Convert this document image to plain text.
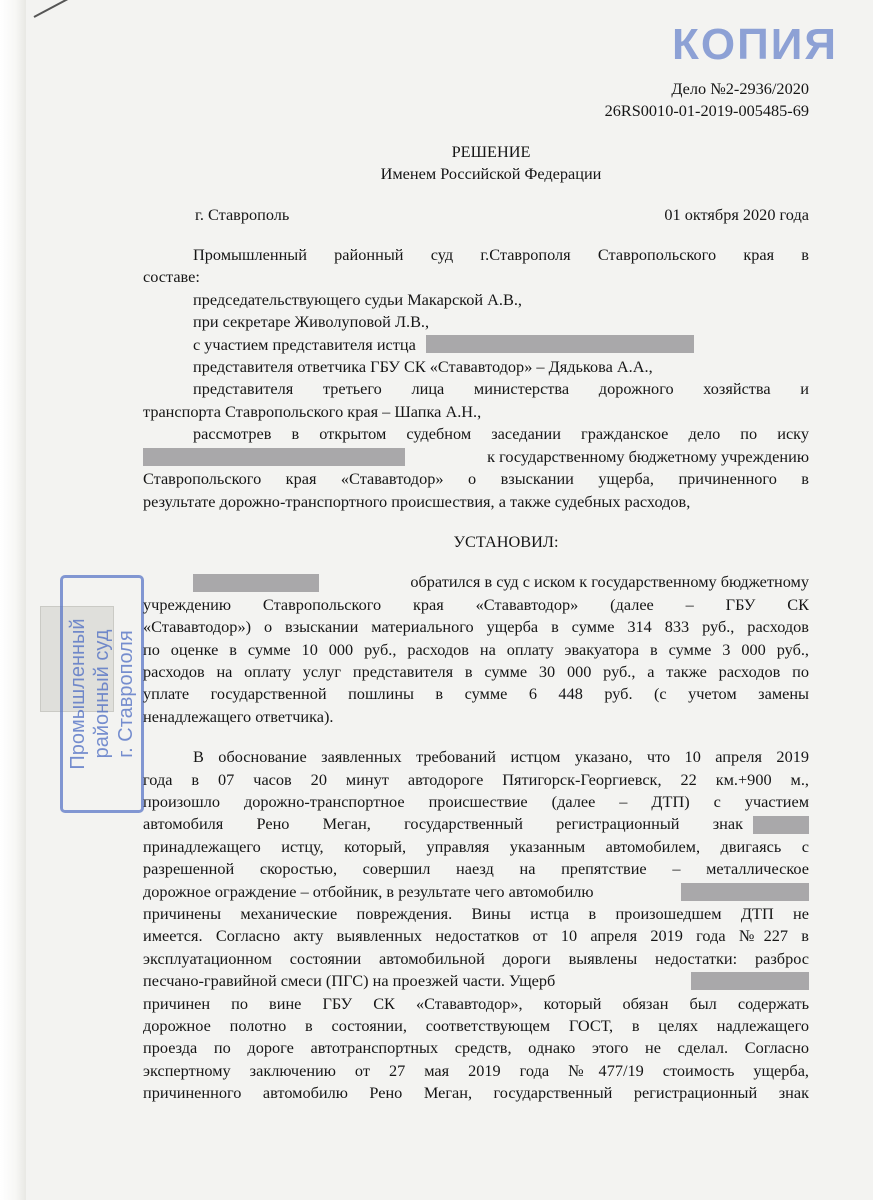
КОПИЯ
Промышленный районный суд г. Ставрополя

Дело №2-2936/2020

26RS0010-01-2019-005485-69

РЕШЕНИЕ

Именем Российской Федерации

г. Ставрополь	01 октября 2020 года

Промышленный районный суд г.Ставрополя Ставропольского края в

составе:

председательствующего судьи Макарской А.В.,

при секретаре Живолуповой Л.В.,

с участием представителя истца

представителя ответчика ГБУ СК «Стававтодор» – Дядькова А.А.,

представителя третьего лица министерства дорожного хозяйства и

транспорта Ставропольского края – Шапка А.Н.,

рассмотрев в открытом судебном заседании гражданское дело по иску

к государственному бюджетному учреждению

Ставропольского края «Стававтодор» о взыскании ущерба, причиненного в

результате дорожно-транспортного происшествия, а также судебных расходов,

УСТАНОВИЛ:

обратился в суд с иском к государственному бюджетному

учреждению Ставропольского края «Стававтодор» (далее – ГБУ СК

«Стававтодор») о взыскании материального ущерба в сумме 314 833 руб., расходов

по оценке в сумме 10 000 руб., расходов на оплату эвакуатора в сумме 3 000 руб.,

расходов на оплату услуг представителя в сумме 30 000 руб., а также расходов по

уплате государственной пошлины в сумме 6 448 руб. (с учетом замены

ненадлежащего ответчика).

В обоснование заявленных требований истцом указано, что 10 апреля 2019

года в 07 часов 20 минут автодороге Пятигорск-Георгиевск, 22 км.+900 м.,

произошло дорожно-транспортное происшествие (далее – ДТП) с участием

автомобиля Рено Меган, государственный регистрационный знак

принадлежащего истцу, который, управляя указанным автомобилем, двигаясь с

разрешенной скоростью, совершил наезд на препятствие – металлическое

дорожное ограждение – отбойник, в результате чего автомобилю

причинены механические повреждения. Вины истца в произошедшем ДТП не

имеется. Согласно акту выявленных недостатков от 10 апреля 2019 года №227 в

эксплуатационном состоянии автомобильной дороги выявлены недостатки: разброс

песчано-гравийной смеси (ПГС) на проезжей части. Ущерб

причинен по вине ГБУ СК «Стававтодор», который обязан был содержать

дорожное полотно в состоянии, соответствующем ГОСТ, в целях надлежащего

проезда по дороге автотранспортных средств, однако этого не сделал. Согласно

экспертному заключению от 27 мая 2019 года №477/19 стоимость ущерба,

причиненного автомобилю Рено Меган, государственный регистрационный знак
